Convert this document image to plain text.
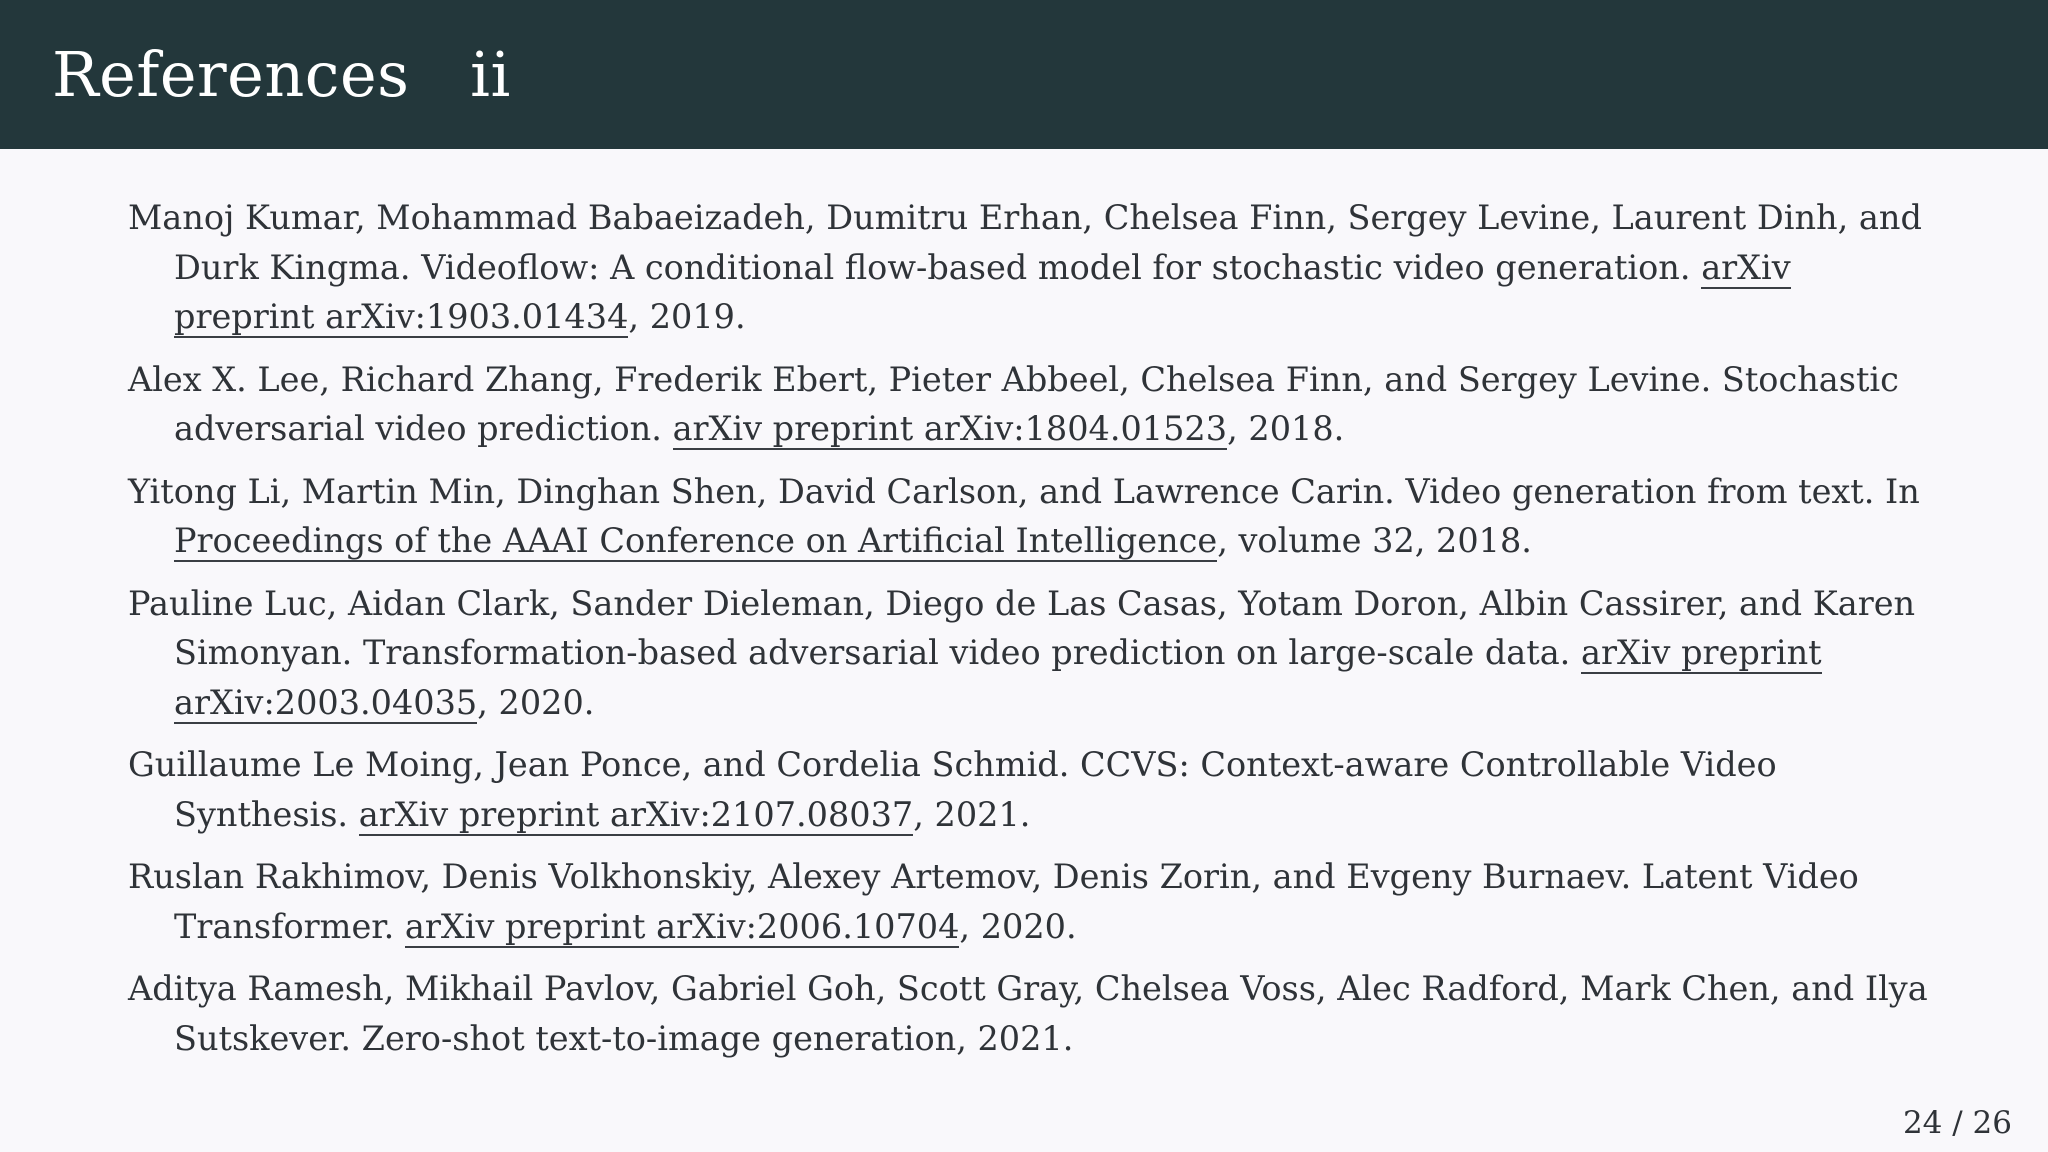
References   ii
Manoj Kumar, Mohammad Babaeizadeh, Dumitru Erhan, Chelsea Finn, Sergey Levine, Laurent Dinh, and Durk Kingma. Videoflow: A conditional flow-based model for stochastic video generation. arXiv preprint arXiv:1903.01434, 2019.
Alex X. Lee, Richard Zhang, Frederik Ebert, Pieter Abbeel, Chelsea Finn, and Sergey Levine. Stochastic adversarial video prediction. arXiv preprint arXiv:1804.01523, 2018.
Yitong Li, Martin Min, Dinghan Shen, David Carlson, and Lawrence Carin. Video generation from text. In Proceedings of the AAAI Conference on Artificial Intelligence, volume 32, 2018.
Pauline Luc, Aidan Clark, Sander Dieleman, Diego de Las Casas, Yotam Doron, Albin Cassirer, and Karen Simonyan. Transformation-based adversarial video prediction on large-scale data. arXiv preprint arXiv:2003.04035, 2020.
Guillaume Le Moing, Jean Ponce, and Cordelia Schmid. CCVS: Context-aware Controllable Video Synthesis. arXiv preprint arXiv:2107.08037, 2021.
Ruslan Rakhimov, Denis Volkhonskiy, Alexey Artemov, Denis Zorin, and Evgeny Burnaev. Latent Video Transformer. arXiv preprint arXiv:2006.10704, 2020.
Aditya Ramesh, Mikhail Pavlov, Gabriel Goh, Scott Gray, Chelsea Voss, Alec Radford, Mark Chen, and Ilya Sutskever. Zero-shot text-to-image generation, 2021.
24 / 26
